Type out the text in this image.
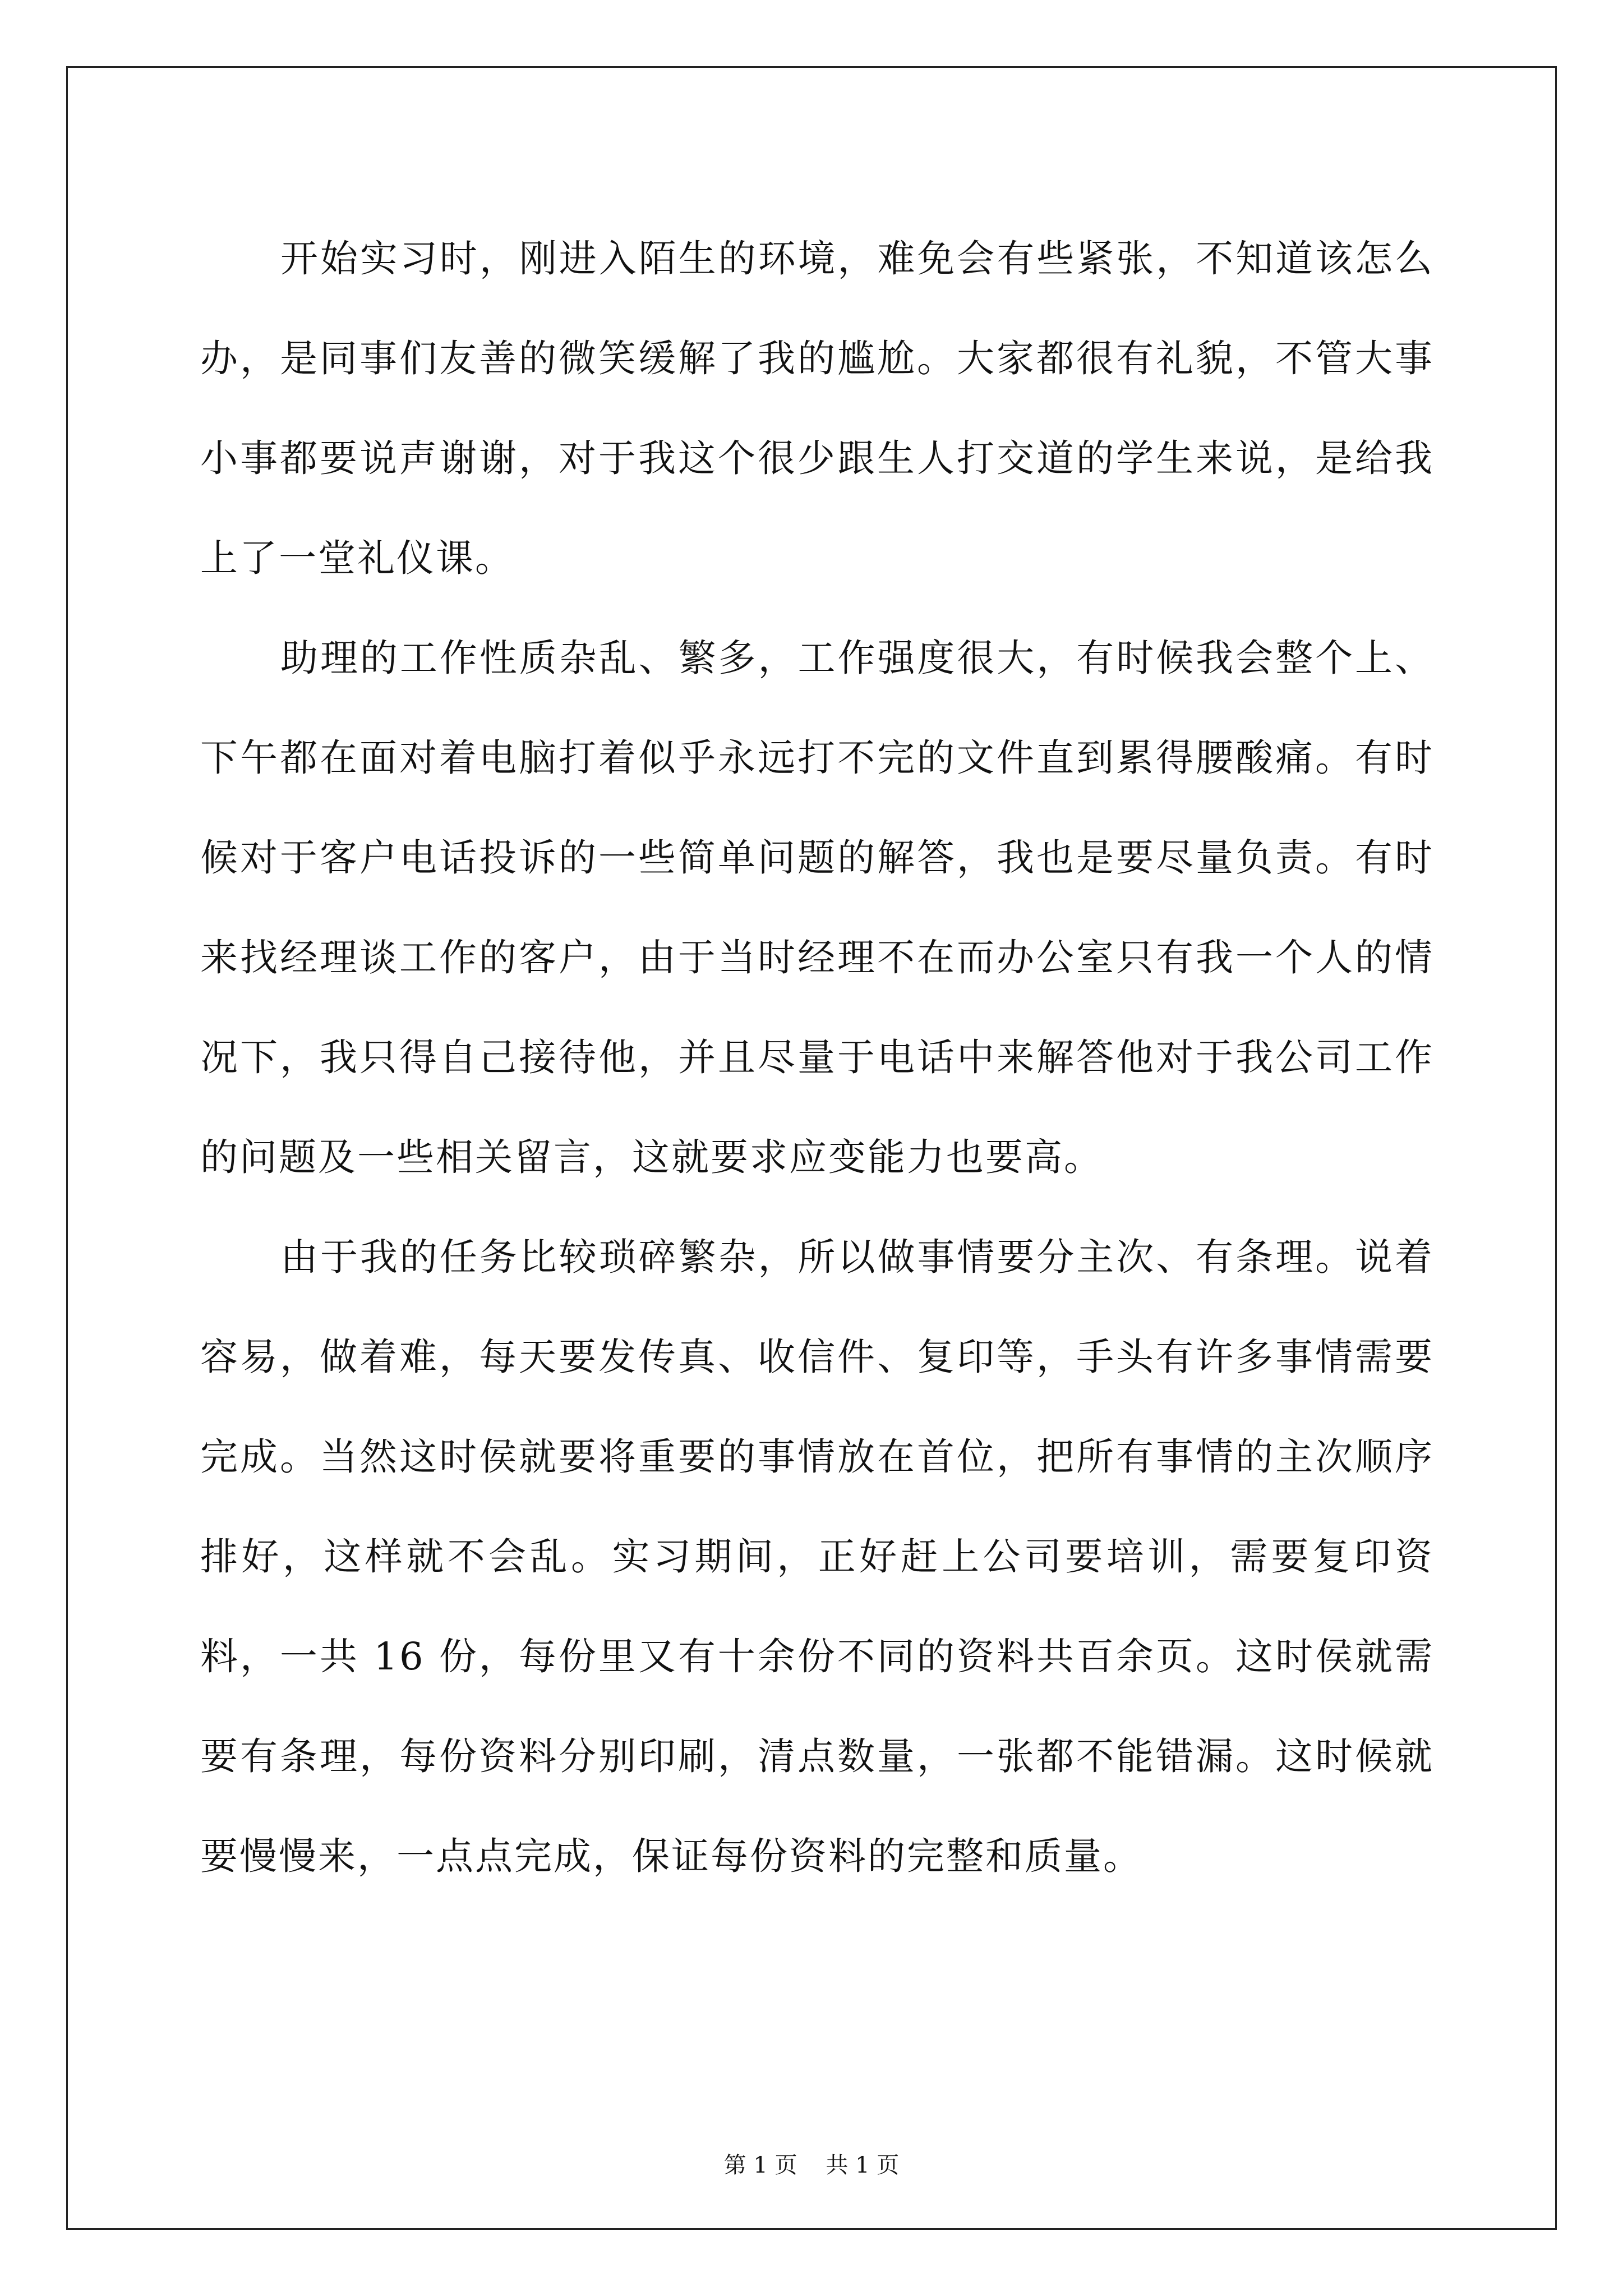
开始实习时，刚进入陌生的环境，难免会有些紧张，不知道该怎么办，是同事们友善的微笑缓解了我的尴尬。大家都很有礼貌，不管大事小事都要说声谢谢，对于我这个很少跟生人打交道的学生来说，是给我上了一堂礼仪课。

助理的工作性质杂乱、繁多，工作强度很大，有时候我会整个上、下午都在面对着电脑打着似乎永远打不完的文件直到累得腰酸痛。有时候对于客户电话投诉的一些简单问题的解答，我也是要尽量负责。有时来找经理谈工作的客户，由于当时经理不在而办公室只有我一个人的情况下，我只得自己接待他，并且尽量于电话中来解答他对于我公司工作的问题及一些相关留言，这就要求应变能力也要高。

由于我的任务比较琐碎繁杂，所以做事情要分主次、有条理。说着容易，做着难，每天要发传真、收信件、复印等，手头有许多事情需要完成。当然这时侯就要将重要的事情放在首位，把所有事情的主次顺序排好，这样就不会乱。实习期间，正好赶上公司要培训，需要复印资料，一共 16 份，每份里又有十余份不同的资料共百余页。这时侯就需要有条理，每份资料分别印刷，清点数量，一张都不能错漏。这时候就要慢慢来，一点点完成，保证每份资料的完整和质量。

第 1 页    共 1 页
